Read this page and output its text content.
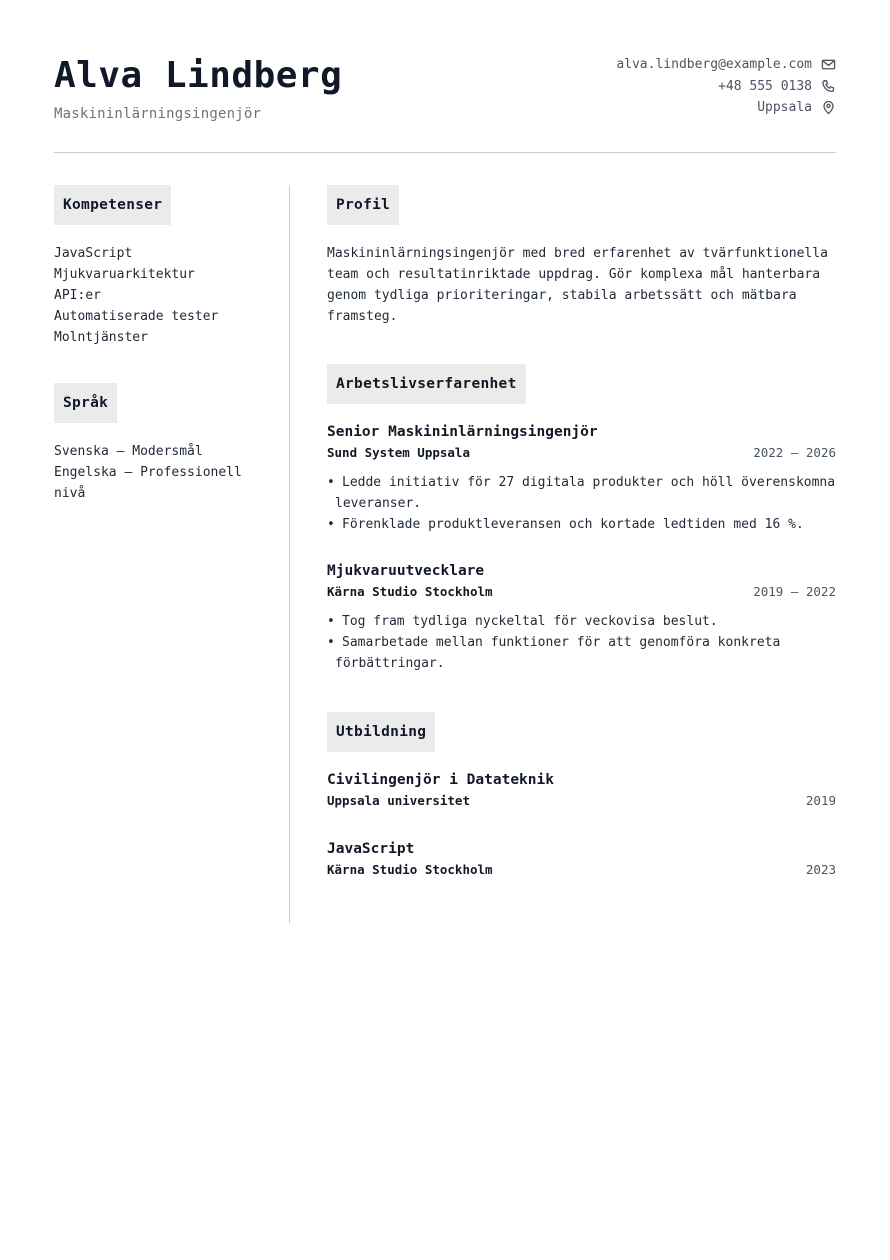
Alva Lindberg
Maskininlärningsingenjör
alva.lindberg@example.com
+48 555 0138
Uppsala
Kompetenser
JavaScript
Mjukvaruarkitektur
API:er
Automatiserade tester
Molntjänster
Språk
Svenska — Modersmål
Engelska — Professionell nivå
Profil

Maskininlärningsingenjör med bred erfarenhet av tvärfunktionella team och resultatinriktade uppdrag. Gör komplexa mål hanterbara genom tydliga prioriteringar, stabila arbetssätt och mätbara framsteg.

Arbetslivserfarenhet
Senior Maskininlärningsingenjör
Sund System Uppsala	2022 — 2026
• Ledde initiativ för 27 digitala produkter och höll överenskomna leveranser.
• Förenklade produktleveransen och kortade ledtiden med 16 %.
Mjukvaruutvecklare
Kärna Studio Stockholm	2019 — 2022
• Tog fram tydliga nyckeltal för veckovisa beslut.
• Samarbetade mellan funktioner för att genomföra konkreta förbättringar.
Utbildning
Civilingenjör i Datateknik
Uppsala universitet	2019
JavaScript
Kärna Studio Stockholm	2023
